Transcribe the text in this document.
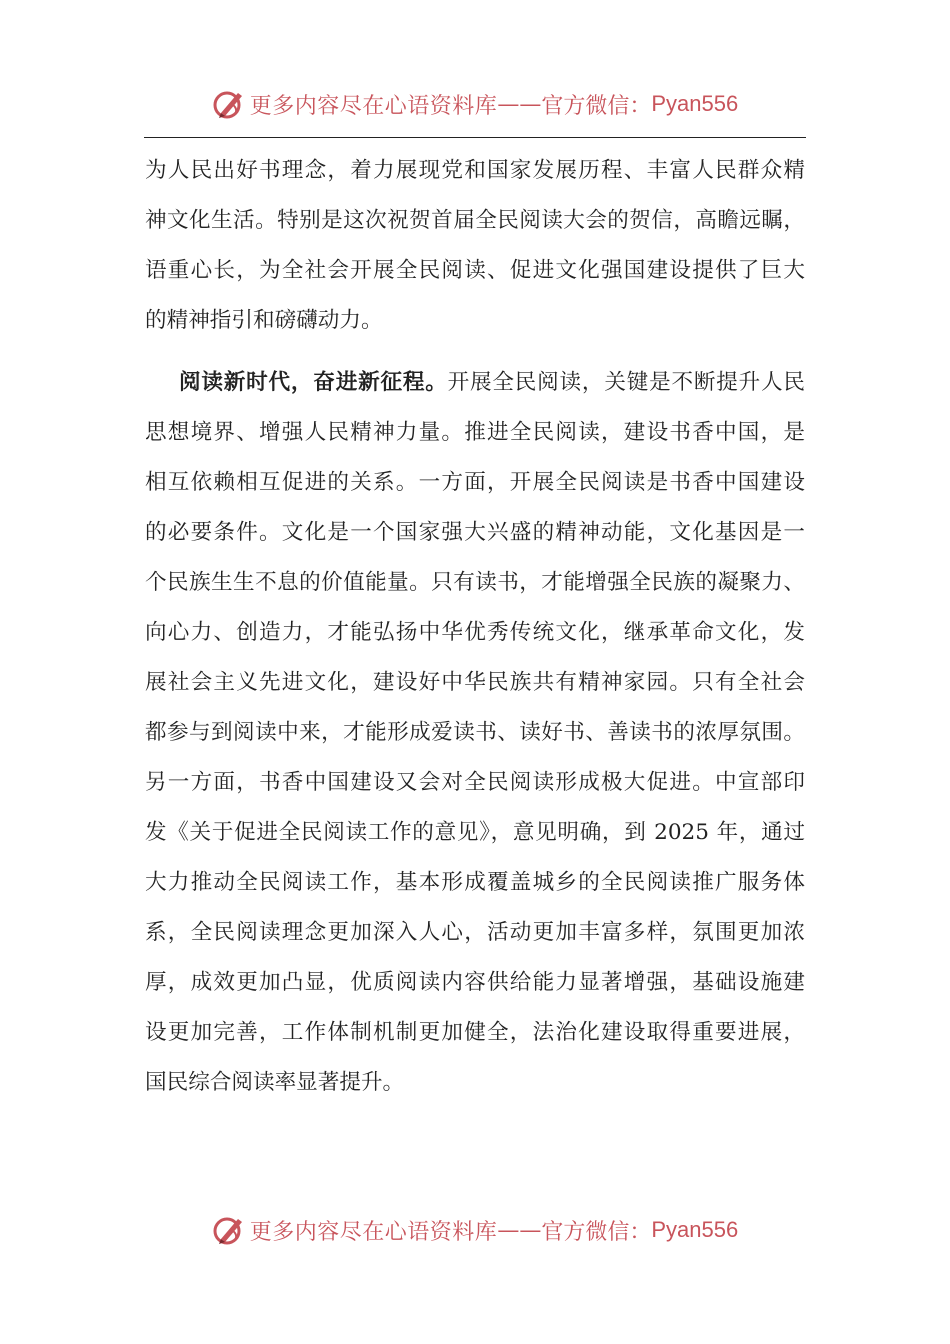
更多内容尽在心语资料库 —— 官方微信： Pyan556
为人民出好书理念，着力展现党和国家发展历程、丰富人民群众精
神文化生活。特别是这次祝贺首届全民阅读大会的贺信，高瞻远瞩，
语重心长，为全社会开展全民阅读、促进文化强国建设提供了巨大
的精神指引和磅礴动力。
阅读新时代，奋进新征程。开展全民阅读，关键是不断提升人民
思想境界、增强人民精神力量。推进全民阅读，建设书香中国，是
相互依赖相互促进的关系。一方面，开展全民阅读是书香中国建设
的必要条件。文化是一个国家强大兴盛的精神动能，文化基因是一
个民族生生不息的价值能量。只有读书，才能增强全民族的凝聚力、
向心力、创造力，才能弘扬中华优秀传统文化，继承革命文化，发
展社会主义先进文化，建设好中华民族共有精神家园。只有全社会
都参与到阅读中来，才能形成爱读书、读好书、善读书的浓厚氛围。
另一方面，书香中国建设又会对全民阅读形成极大促进。中宣部印
发《关于促进全民阅读工作的意见》，意见明确，到 2025 年，通过
大力推动全民阅读工作，基本形成覆盖城乡的全民阅读推广服务体
系，全民阅读理念更加深入人心，活动更加丰富多样，氛围更加浓
厚，成效更加凸显，优质阅读内容供给能力显著增强，基础设施建
设更加完善，工作体制机制更加健全，法治化建设取得重要进展，
国民综合阅读率显著提升。
更多内容尽在心语资料库 —— 官方微信： Pyan556
